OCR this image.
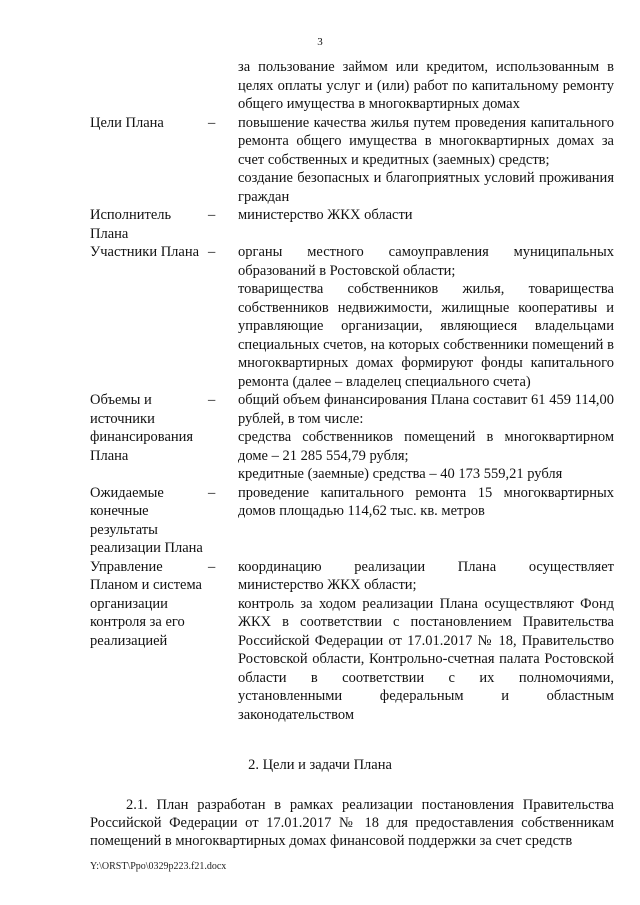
3

		за пользование займом или кредитом, использованным в целях оплаты услуг и (или) работ по капитальному ремонту общего имущества в многоквартирных домах

Цели Плана	–	повышение качества жилья путем проведения капитального ремонта общего имущества в многоквартирных домах за счет собственных и кредитных (заемных) средств;

создание безопасных и благоприятных условий проживания граждан

Исполнитель Плана	–	министерство ЖКХ области

Участники Плана	–	органы местного самоуправления муниципальных образований в Ростовской области;

товарищества собственников жилья, товарищества собственников недвижимости, жилищные кооперативы и управляющие организации, являющиеся владельцами специальных счетов, на которых собственники помещений в многоквартирных домах формируют фонды капитального ремонта (далее – владелец специального счета)

Объемы и источники финансирования Плана	–	общий объем финансирования Плана составит 61 459 114,00 рублей, в том числе:

средства собственников помещений в многоквартирном доме – 21 285 554,79 рубля;

кредитные (заемные) средства – 40 173 559,21 рубля

Ожидаемые конечные результаты реализации Плана	–	проведение капитального ремонта 15 многоквартирных домов площадью 114,62 тыс. кв. метров

Управление Планом и система организации контроля за его реализацией	–	координацию реализации Плана осуществляет министерство ЖКХ области;

контроль за ходом реализации Плана осуществляют Фонд ЖКХ в соответствии с постановлением Правительства Российской Федерации от 17.01.2017 № 18, Правительство Ростовской области, Контрольно-счетная палата Ростовской области в соответствии с их полномочиями, установленными федеральным и областным законодательством

2. Цели и задачи Плана

2.1. План разработан в рамках реализации постановления Правительства Российской Федерации от 17.01.2017 № 18 для предоставления собственникам помещений в многоквартирных домах финансовой поддержки за счет средств

Y:\ORST\Ppo\0329p223.f21.docx
